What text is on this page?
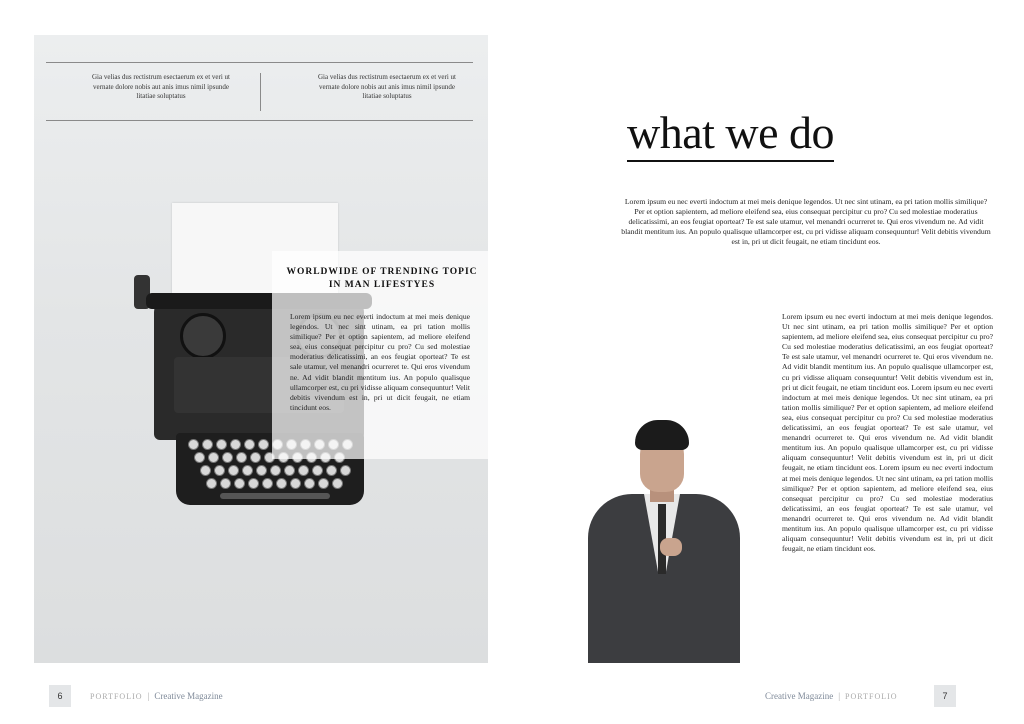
Gia velias dus rectistrum esectaerum ex et veri ut vernate dolore nobis aut anis imus nimil ipsunde litatiae soluptatus
Gia velias dus rectistrum esectaerum ex et veri ut vernate dolore nobis aut anis imus nimil ipsunde litatiae soluptatus
WORLDWIDE OF TRENDING TOPIC IN MAN LIFESTYES
Lorem ipsum eu nec everti indoctum at mei meis denique legendos. Ut nec sint utinam, ea pri tation mollis similique? Per et option sapientem, ad meliore eleifend sea, eius consequat percipitur cu pro? Cu sed molestiae moderatius delicatissimi, an eos feugiat oporteat? Te est sale utamur, vel menandri ocurreret te. Qui eros vivendum ne. Ad vidit blandit mentitum ius. An populo qualisque ullamcorper est, cu pri vidisse aliquam consequuntur! Velit debitis vivendum est in, pri ut dicit feugait, ne etiam tincidunt eos.
what we do
Lorem ipsum eu nec everti indoctum at mei meis denique legendos. Ut nec sint utinam, ea pri tation mollis similique? Per et option sapientem, ad meliore eleifend sea, eius consequat percipitur cu pro? Cu sed molestiae moderatius delicatissimi, an eos feugiat oporteat? Te est sale utamur, vel menandri ocurreret te. Qui eros vivendum ne. Ad vidit blandit mentitum ius. An populo qualisque ullamcorper est, cu pri vidisse aliquam consequuntur! Velit debitis vivendum est in, pri ut dicit feugait, ne etiam tincidunt eos.
Lorem ipsum eu nec everti indoctum at mei meis denique legendos. Ut nec sint utinam, ea pri tation mollis similique? Per et option sapientem, ad meliore eleifend sea, eius consequat percipitur cu pro? Cu sed molestiae moderatius delicatissimi, an eos feugiat oporteat? Te est sale utamur, vel menandri ocurreret te. Qui eros vivendum ne. Ad vidit blandit mentitum ius. An populo qualisque ullamcorper est, cu pri vidisse aliquam consequuntur! Velit debitis vivendum est in, pri ut dicit feugait, ne etiam tincidunt eos. Lorem ipsum eu nec everti indoctum at mei meis denique legendos. Ut nec sint utinam, ea pri tation mollis similique? Per et option sapientem, ad meliore eleifend sea, eius consequat percipitur cu pro? Cu sed molestiae moderatius delicatissimi, an eos feugiat oporteat? Te est sale utamur, vel menandri ocurreret te. Qui eros vivendum ne. Ad vidit blandit mentitum ius. An populo qualisque ullamcorper est, cu pri vidisse aliquam consequuntur! Velit debitis vivendum est in, pri ut dicit feugait, ne etiam tincidunt eos. Lorem ipsum eu nec everti indoctum at mei meis denique legendos. Ut nec sint utinam, ea pri tation mollis similique? Per et option sapientem, ad meliore eleifend sea, eius consequat percipitur cu pro? Cu sed molestiae moderatius delicatissimi, an eos feugiat oporteat? Te est sale utamur, vel menandri ocurreret te. Qui eros vivendum ne. Ad vidit blandit mentitum ius. An populo qualisque ullamcorper est, cu pri vidisse aliquam consequuntur! Velit debitis vivendum est in, pri ut dicit feugait, ne etiam tincidunt eos.
6	PORTFOLIO | Creative Magazine	Creative Magazine | PORTFOLIO	7
